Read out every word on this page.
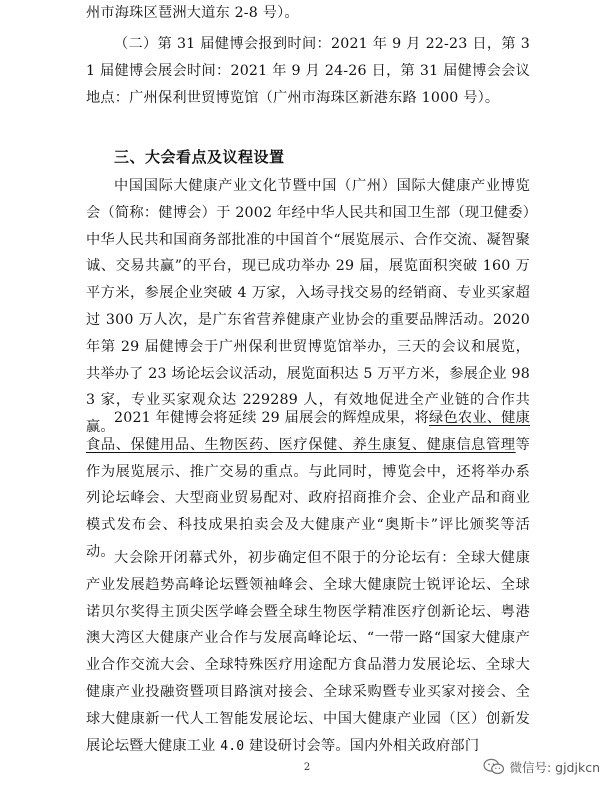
州市海珠区琶洲大道东 2-8 号）。

（二）第 31 届健博会报到时间：2021 年 9 月 22-23 日，第 31 届健博会展会时间：2021 年 9 月 24-26 日，第 31 届健博会会议地点：广州保利世贸博览馆（广州市海珠区新港东路 1000 号）。

三、大会看点及议程设置

中国国际大健康产业文化节暨中国（广州）国际大健康产业博览会（简称：健博会）于 2002 年经中华人民共和国卫生部（现卫健委）中华人民共和国商务部批准的中国首个“展览展示、合作交流、凝智聚诚、交易共赢”的平台，现已成功举办 29 届，展览面积突破 160 万平方米，参展企业突破 4 万家，入场寻找交易的经销商、专业买家超过 300 万人次，是广东省营养健康产业协会的重要品牌活动。2020 年第 29 届健博会于广州保利世贸博览馆举办，三天的会议和展览，共举办了 23 场论坛会议活动，展览面积达 5 万平方米，参展企业 983 家，专业买家观众达 229289 人，有效地促进全产业链的合作共赢。

2021 年健博会将延续 29 届展会的辉煌成果，将绿色农业、健康食品、保健用品、生物医药、医疗保健、养生康复、健康信息管理等作为展览展示、推广交易的重点。与此同时，博览会中，还将举办系列论坛峰会、大型商业贸易配对、政府招商推介会、企业产品和商业模式发布会、科技成果拍卖会及大健康产业“奥斯卡”评比颁奖等活动。 大会除开闭幕式外，初步确定但不限于的分论坛有：全球大健康产业发展趋势高峰论坛暨领袖峰会、全球大健康院士锐评论坛、全球诺贝尔奖得主顶尖医学峰会暨全球生物医学精准医疗创新论坛、粤港澳大湾区大健康产业合作与发展高峰论坛、“一带一路“国家大健康产业合作交流大会、全球特殊医疗用途配方食品潜力发展论坛、全球大健康产业投融资暨项目路演对接会、全球采购暨专业买家对接会、全球大健康新一代人工智能发展论坛、中国大健康产业园（区）创新发展论坛暨大健康工业 4.0 建设研讨会等。国内外相关政府部门

2	微信号: gjdjkcn
